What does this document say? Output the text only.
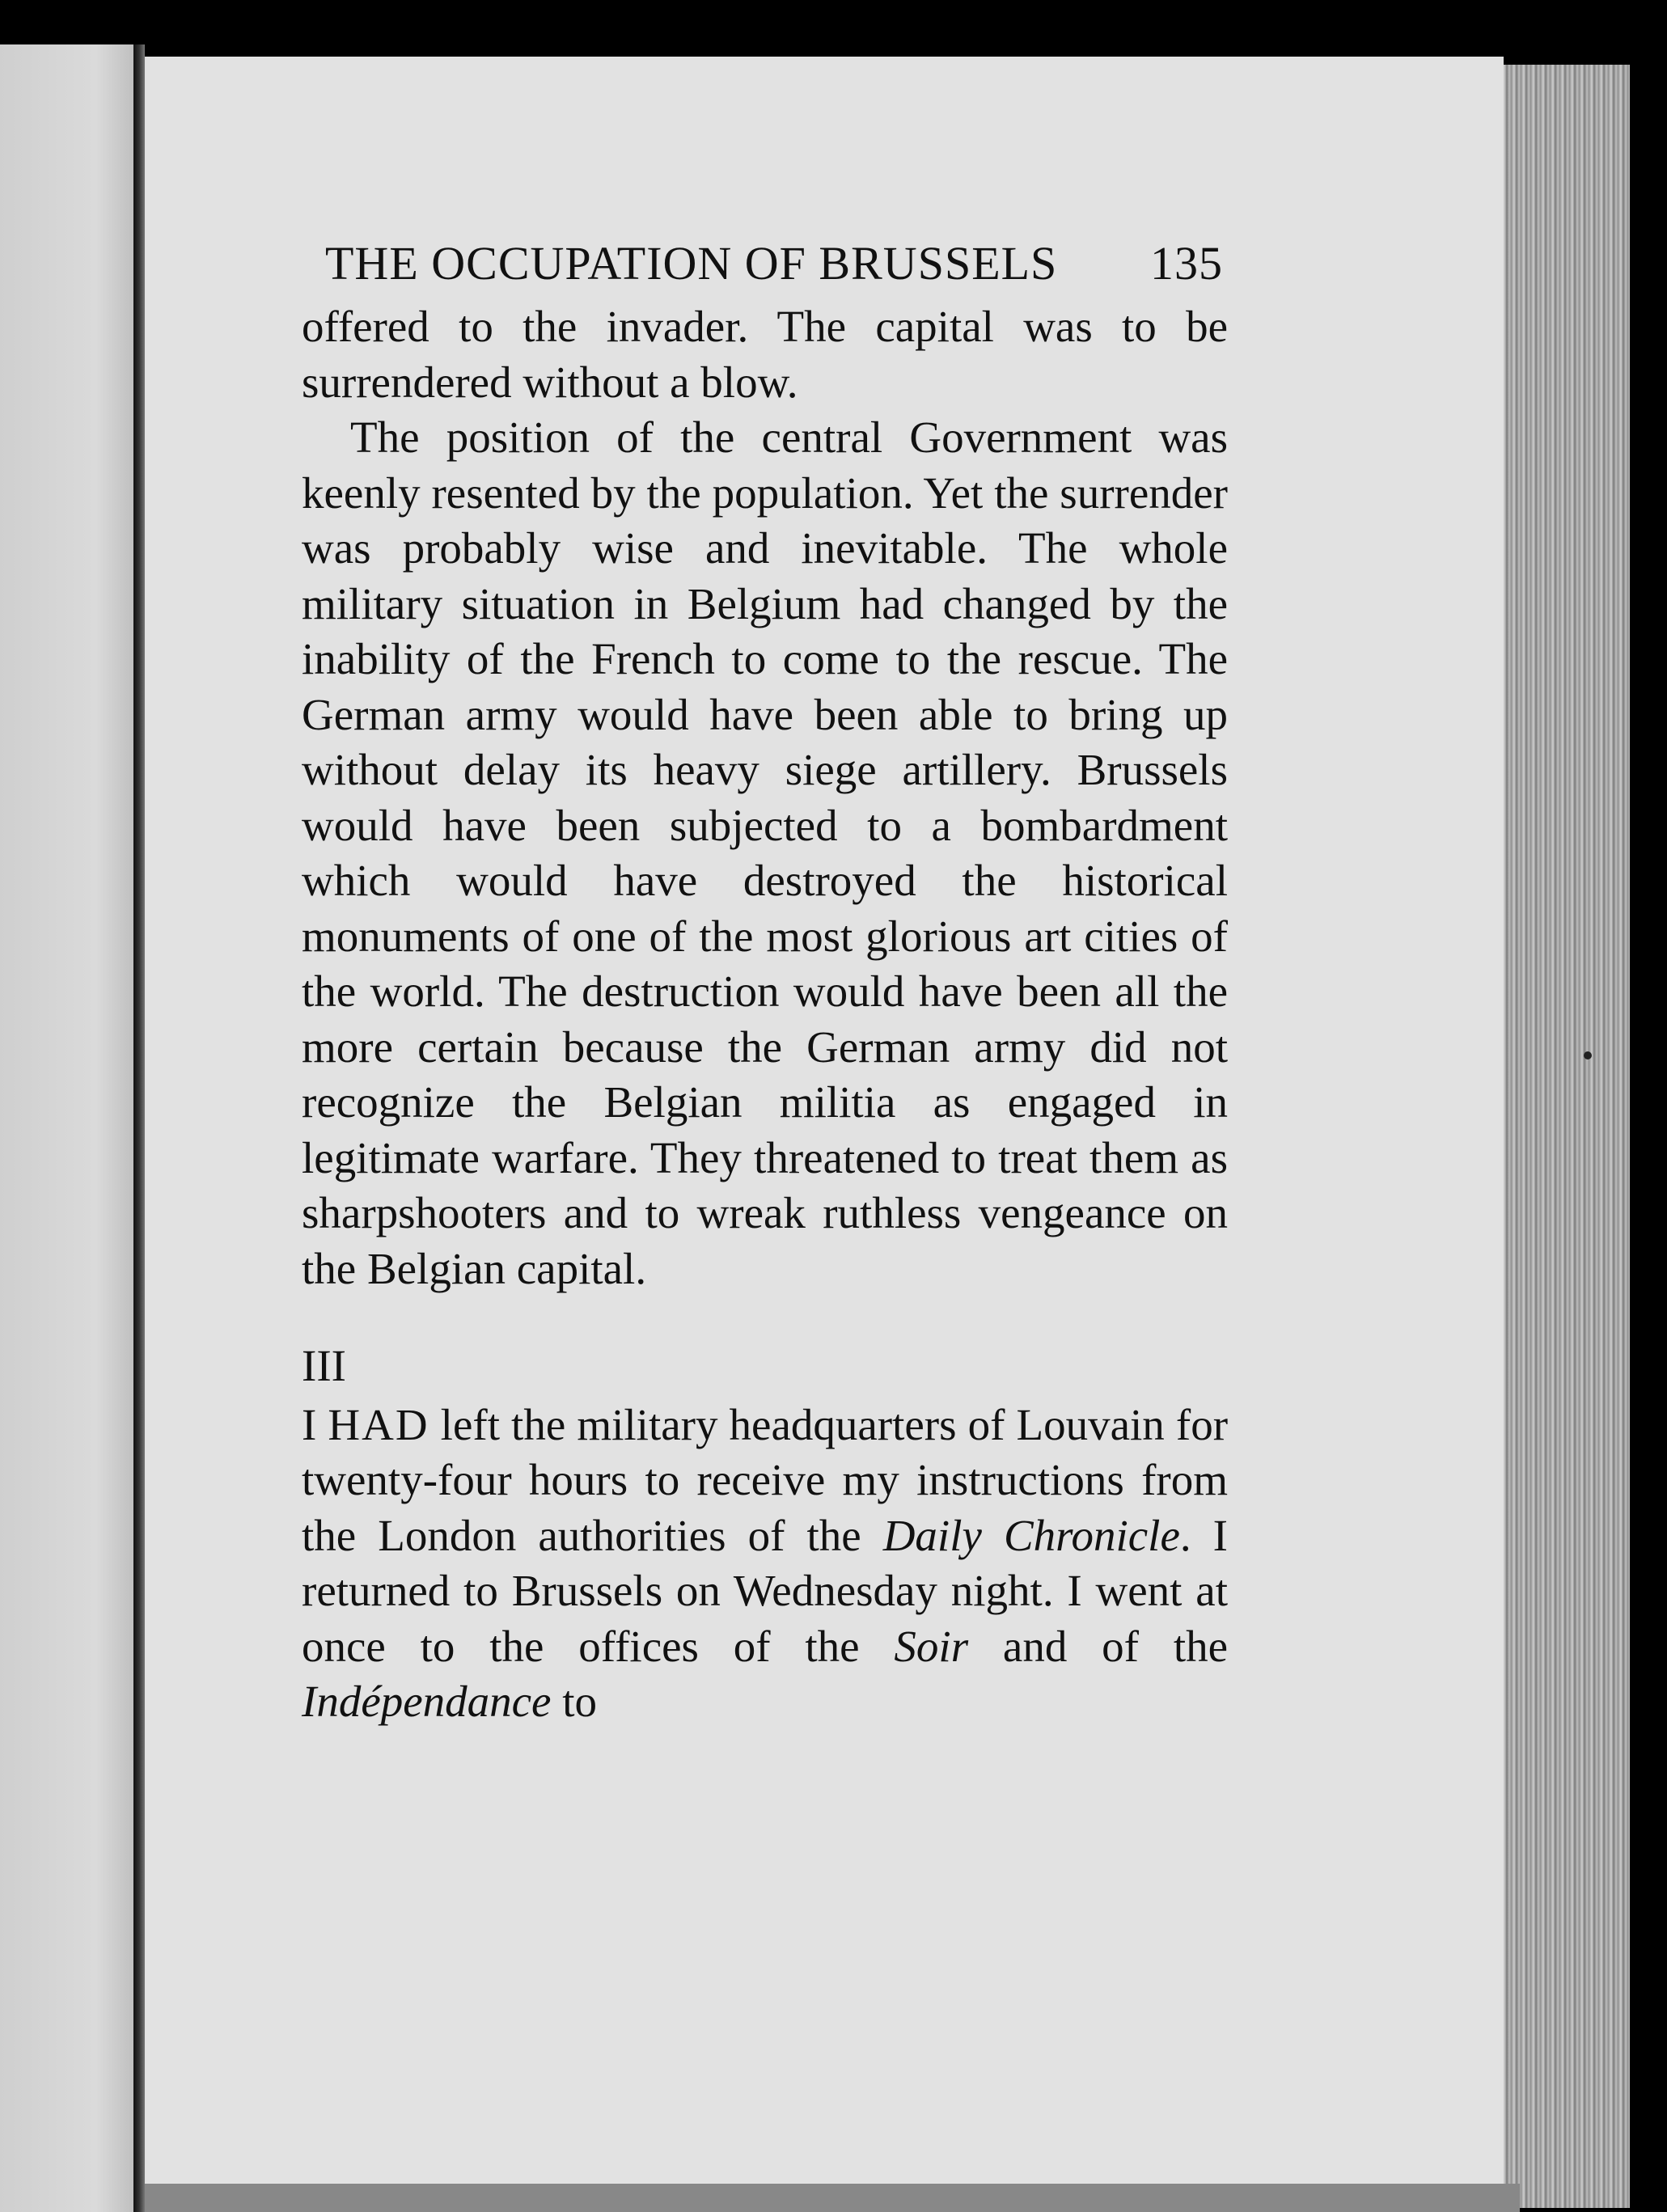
THE OCCUPATION OF BRUSSELS 135

offered to the invader. The capital was to be surrendered without a blow.

The position of the central Government was keenly resented by the population. Yet the surrender was probably wise and inevitable. The whole military situation in Belgium had changed by the inability of the French to come to the rescue. The German army would have been able to bring up without delay its heavy siege artillery. Brussels would have been subjected to a bombardment which would have destroyed the historical monuments of one of the most glorious art cities of the world. The destruction would have been all the more certain because the German army did not recognize the Belgian militia as engaged in legitimate warfare. They threatened to treat them as sharpshooters and to wreak ruthless vengeance on the Belgian capital.

III

I HAD left the military headquarters of Louvain for twenty-four hours to receive my instructions from the London authorities of the Daily Chronicle. I returned to Brussels on Wednesday night. I went at once to the offices of the Soir and of the Indépendance to
